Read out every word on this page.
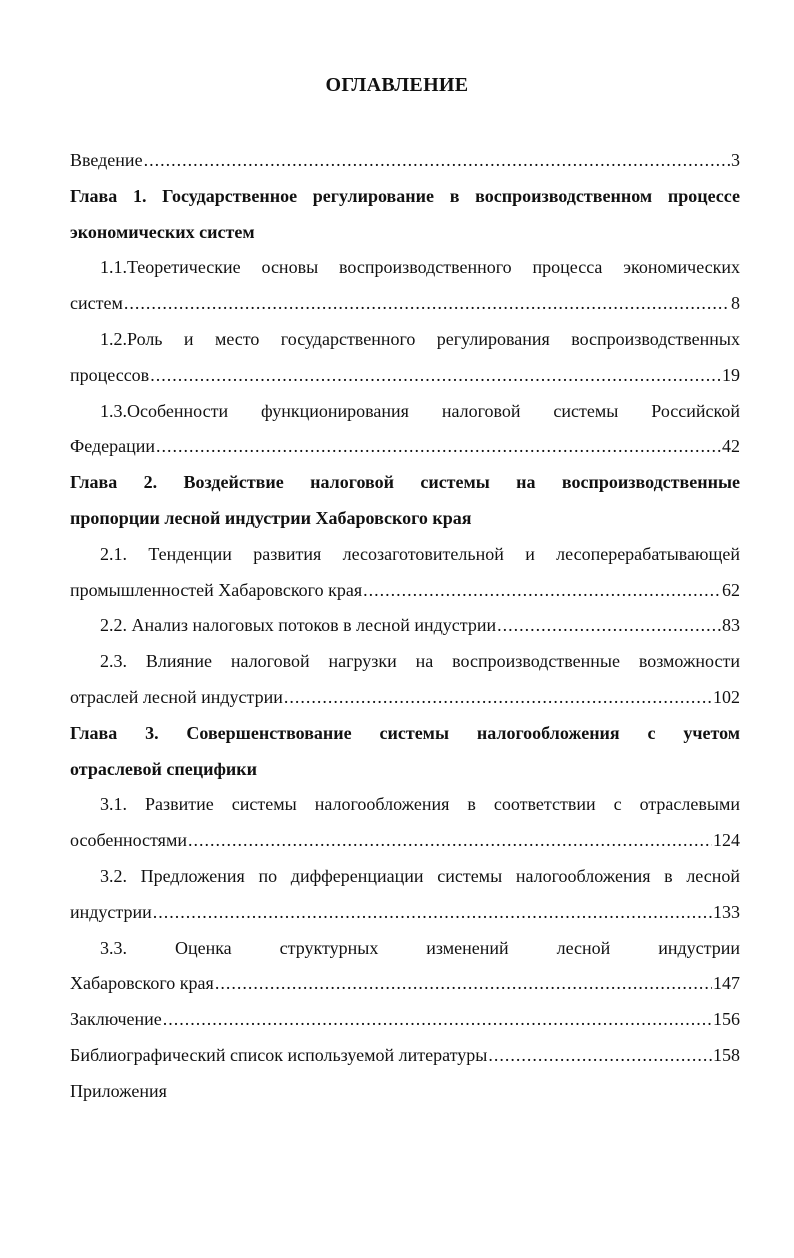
ОГЛАВЛЕНИЕ
Введение .....	3
Глава 1. Государственное регулирование в воспроизводственном процессе
экономических систем
1.1.Теоретические основы воспроизводственного процесса экономических
систем .....	8
1.2.Роль и место государственного регулирования воспроизводственных
процессов .....	19
1.3.Особенности функционирования налоговой системы Российской
Федерации .....	42
Глава 2. Воздействие налоговой системы на воспроизводственные
пропорции лесной индустрии Хабаровского края
2.1. Тенденции развития лесозаготовительной и лесоперерабатывающей
промышленностей Хабаровского края .....	62
2.2. Анализ налоговых потоков в лесной индустрии .....	83
2.3. Влияние налоговой нагрузки на воспроизводственные возможности
отраслей лесной индустрии .....	102
Глава 3. Совершенствование системы налогообложения с учетом
отраслевой специфики
3.1. Развитие системы налогообложения в соответствии с отраслевыми
особенностями .....	124
3.2. Предложения по дифференциации системы налогообложения в лесной
индустрии .....	133
3.3. Оценка структурных изменений лесной индустрии
Хабаровского края .....	147
Заключение .....	156
Библиографический список используемой литературы .....	158
Приложения
